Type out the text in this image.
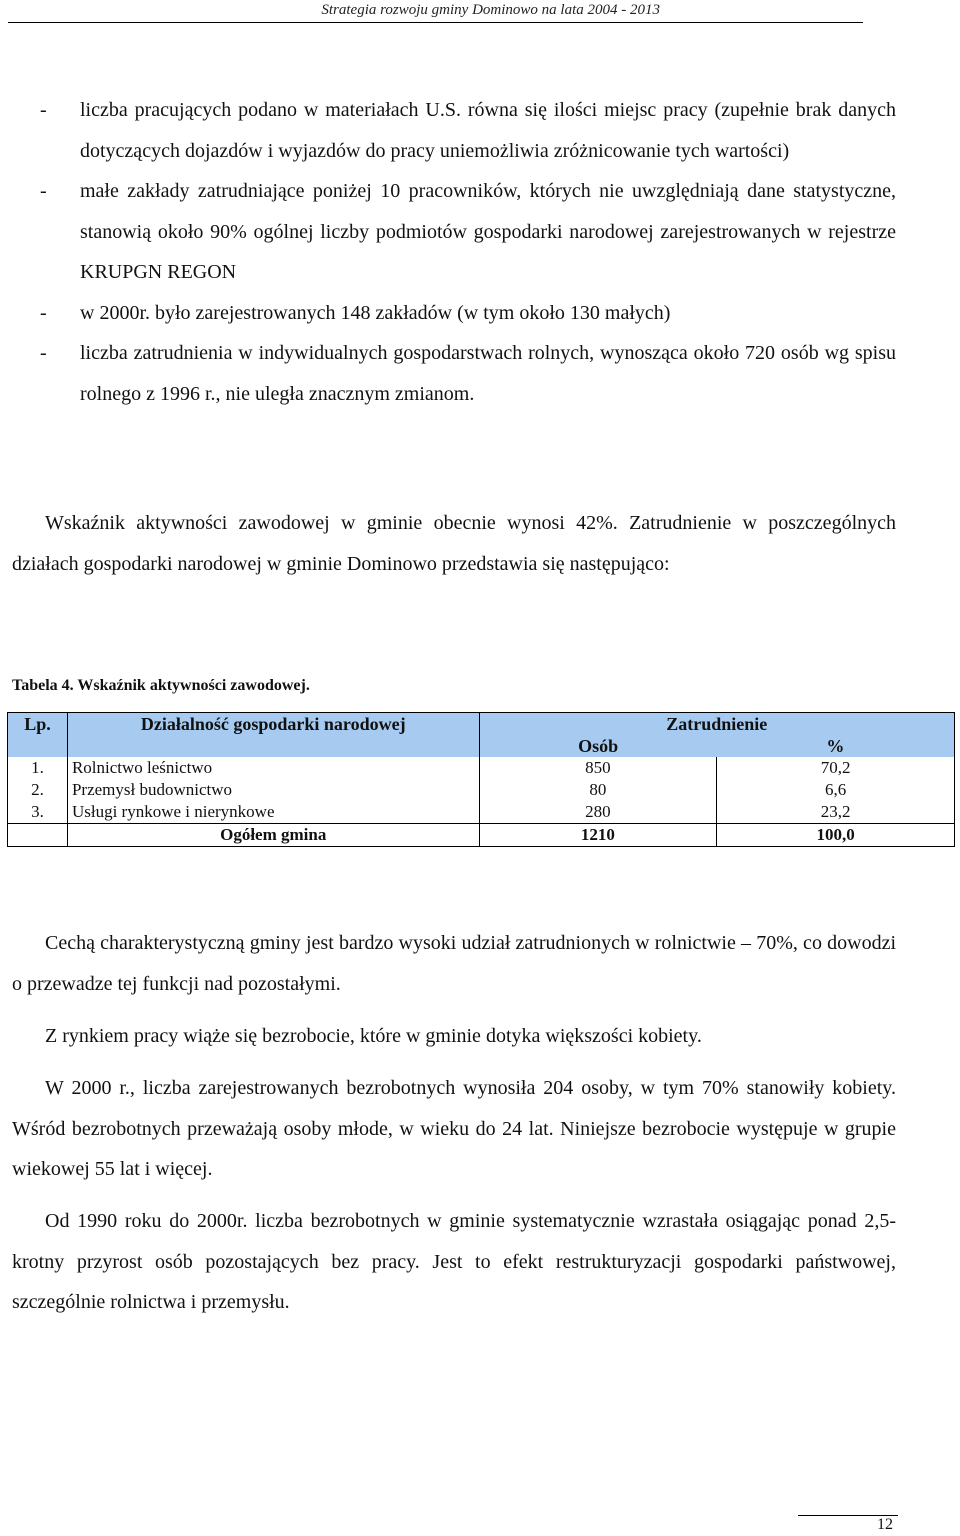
Strategia rozwoju gminy Dominowo na lata 2004 - 2013
- liczba pracujących podano w materiałach U.S. równa się ilości miejsc pracy (zupełnie brak danych dotyczących dojazdów i wyjazdów do pracy uniemożliwia zróżnicowanie tych wartości)
- małe zakłady zatrudniające poniżej 10 pracowników, których nie uwzględniają dane statystyczne, stanowią około 90% ogólnej liczby podmiotów gospodarki narodowej zarejestrowanych w rejestrze KRUPGN REGON
- w 2000r. było zarejestrowanych 148 zakładów (w tym około 130 małych)
- liczba zatrudnienia w indywidualnych gospodarstwach rolnych, wynosząca około 720 osób wg spisu rolnego z 1996 r., nie uległa znacznym zmianom.
Wskaźnik aktywności zawodowej w gminie obecnie wynosi 42%. Zatrudnienie w poszczególnych działach gospodarki narodowej w gminie Dominowo przedstawia się następująco:
Tabela 4. Wskaźnik aktywności zawodowej.
Lp.	Działalność gospodarki narodowej	Zatrudnienie	
		Osób	%
1.	Rolnictwo leśnictwo	850	70,2
2.	Przemysł budownictwo	80	6,6
3.	Usługi rynkowe i nierynkowe	280	23,2
	Ogółem gmina	1210	100,0
Cechą charakterystyczną gminy jest bardzo wysoki udział zatrudnionych w rolnictwie – 70%, co dowodzi o przewadze tej funkcji nad pozostałymi.
Z rynkiem pracy wiąże się bezrobocie, które w gminie dotyka większości kobiety.
W 2000 r., liczba zarejestrowanych bezrobotnych wynosiła 204 osoby, w tym 70% stanowiły kobiety. Wśród bezrobotnych przeważają osoby młode, w wieku do 24 lat. Niniejsze bezrobocie występuje w grupie wiekowej 55 lat i więcej.
Od 1990 roku do 2000r. liczba bezrobotnych w gminie systematycznie wzrastała osiągając ponad 2,5-krotny przyrost osób pozostających bez pracy. Jest to efekt restrukturyzacji gospodarki państwowej, szczególnie rolnictwa i przemysłu.
12
